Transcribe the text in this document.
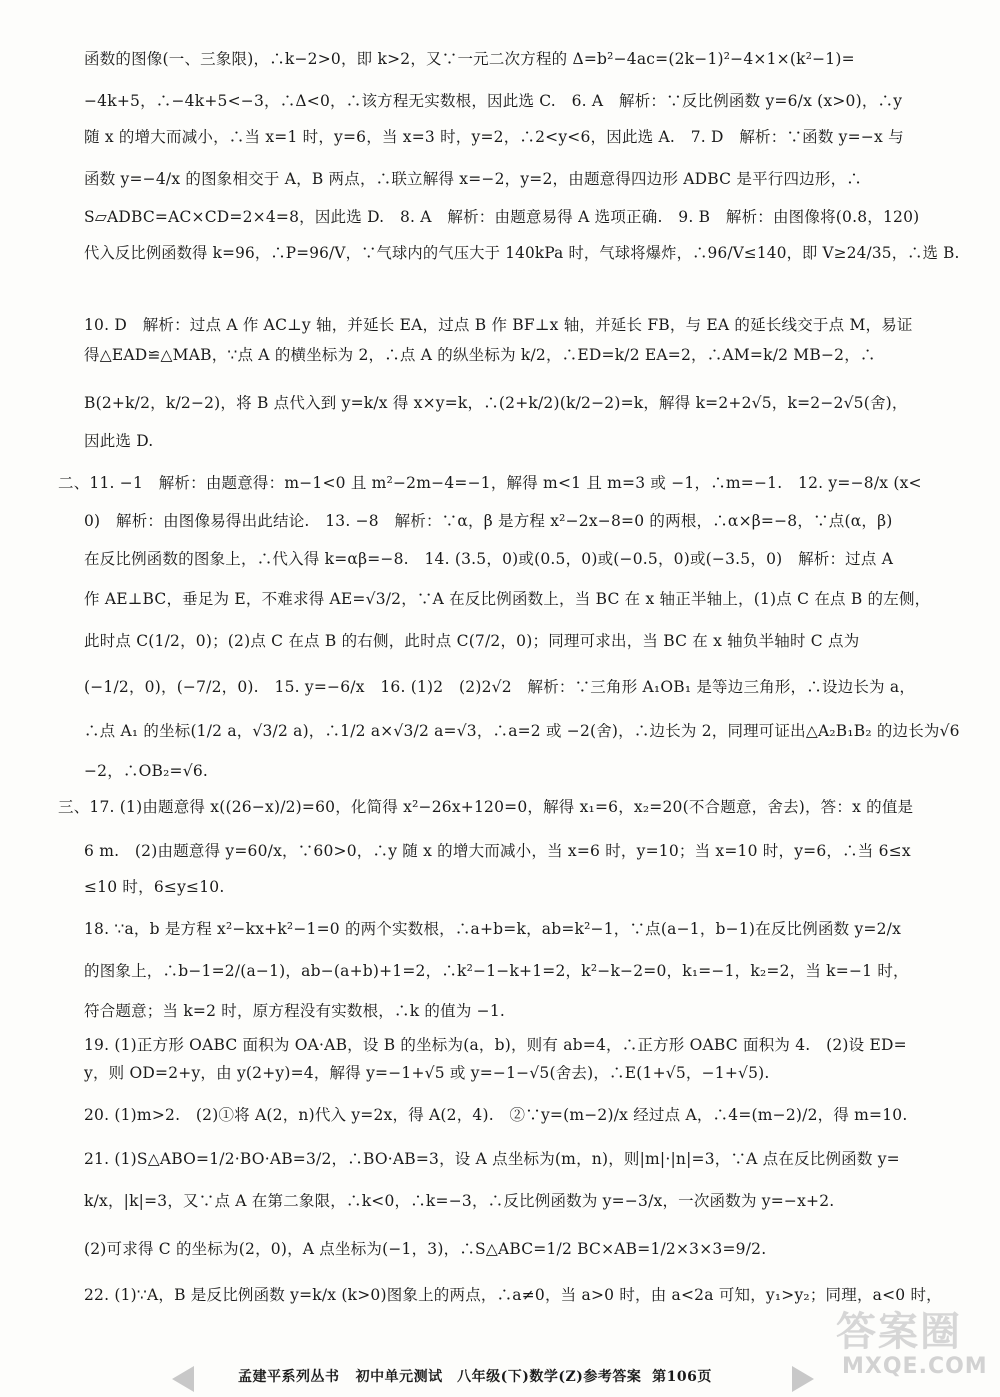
函数的图像(一、三象限)，∴k−2>0，即 k>2，又∵一元二次方程的 Δ=b²−4ac=(2k−1)²−4×1×(k²−1)=
−4k+5，∴−4k+5<−3，∴Δ<0，∴该方程无实数根，因此选 C.　6. A　解析：∵反比例函数 y=6/x (x>0)，∴y
随 x 的增大而减小，∴当 x=1 时，y=6，当 x=3 时，y=2，∴2<y<6，因此选 A.　7. D　解析：∵函数 y=−x 与
函数 y=−4/x 的图象相交于 A，B 两点，∴联立解得 x=−2，y=2，由题意得四边形 ADBC 是平行四边形，∴
S▱ADBC=AC×CD=2×4=8，因此选 D.　8. A　解析：由题意易得 A 选项正确.　9. B　解析：由图像将(0.8，120)
代入反比例函数得 k=96，∴P=96/V，∵气球内的气压大于 140kPa 时，气球将爆炸，∴96/V≤140，即 V≥24/35，∴选 B.
10. D　解析：过点 A 作 AC⊥y 轴，并延长 EA，过点 B 作 BF⊥x 轴，并延长 FB，与 EA 的延长线交于点 M，易证
得△EAD≌△MAB，∵点 A 的横坐标为 2，∴点 A 的纵坐标为 k/2，∴ED=k/2 EA=2，∴AM=k/2 MB−2，∴
B(2+k/2，k/2−2)，将 B 点代入到 y=k/x 得 x×y=k，∴(2+k/2)(k/2−2)=k，解得 k=2+2√5，k=2−2√5(舍)，
因此选 D.
二、11. −1　解析：由题意得：m−1<0 且 m²−2m−4=−1，解得 m<1 且 m=3 或 −1，∴m=−1.　12. y=−8/x (x<
0)　解析：由图像易得出此结论.　13. −8　解析：∵α，β 是方程 x²−2x−8=0 的两根，∴α×β=−8，∵点(α，β)
在反比例函数的图象上，∴代入得 k=αβ=−8.　14. (3.5，0)或(0.5，0)或(−0.5，0)或(−3.5，0)　解析：过点 A
作 AE⊥BC，垂足为 E，不难求得 AE=√3/2，∵A 在反比例函数上，当 BC 在 x 轴正半轴上，(1)点 C 在点 B 的左侧，
此时点 C(1/2，0)；(2)点 C 在点 B 的右侧，此时点 C(7/2，0)；同理可求出，当 BC 在 x 轴负半轴时 C 点为
(−1/2，0)，(−7/2，0).　15. y=−6/x　16. (1)2　(2)2√2　解析：∵三角形 A₁OB₁ 是等边三角形，∴设边长为 a，
∴点 A₁ 的坐标(1/2 a，√3/2 a)，∴1/2 a×√3/2 a=√3，∴a=2 或 −2(舍)，∴边长为 2，同理可证出△A₂B₁B₂ 的边长为√6
−2，∴OB₂=√6.
三、17. (1)由题意得 x((26−x)/2)=60，化简得 x²−26x+120=0，解得 x₁=6，x₂=20(不合题意，舍去)，答：x 的值是
6 m.　(2)由题意得 y=60/x，∵60>0，∴y 随 x 的增大而减小，当 x=6 时，y=10；当 x=10 时，y=6，∴当 6≤x
≤10 时，6≤y≤10.
18. ∵a，b 是方程 x²−kx+k²−1=0 的两个实数根，∴a+b=k，ab=k²−1，∵点(a−1，b−1)在反比例函数 y=2/x
的图象上，∴b−1=2/(a−1)，ab−(a+b)+1=2，∴k²−1−k+1=2，k²−k−2=0，k₁=−1，k₂=2，当 k=−1 时，
符合题意；当 k=2 时，原方程没有实数根，∴k 的值为 −1.
19. (1)正方形 OABC 面积为 OA·AB，设 B 的坐标为(a，b)，则有 ab=4，∴正方形 OABC 面积为 4.　(2)设 ED=
y，则 OD=2+y，由 y(2+y)=4，解得 y=−1+√5 或 y=−1−√5(舍去)，∴E(1+√5，−1+√5).
20. (1)m>2.　(2)①将 A(2，n)代入 y=2x，得 A(2，4).　②∵y=(m−2)/x 经过点 A，∴4=(m−2)/2，得 m=10.
21. (1)S△ABO=1/2·BO·AB=3/2，∴BO·AB=3，设 A 点坐标为(m，n)，则|m|·|n|=3，∵A 点在反比例函数 y=
k/x，|k|=3，又∵点 A 在第二象限，∴k<0，∴k=−3，∴反比例函数为 y=−3/x，一次函数为 y=−x+2.
(2)可求得 C 的坐标为(2，0)，A 点坐标为(−1，3)，∴S△ABC=1/2 BC×AB=1/2×3×3=9/2.
22. (1)∵A，B 是反比例函数 y=k/x (k>0)图象上的两点，∴a≠0，当 a>0 时，由 a<2a 可知，y₁>y₂；同理，a<0 时，
孟建平系列丛书 初中单元测试　八年级(下)数学(Z)参考答案 第106页
答案圈
MXQE.COM
